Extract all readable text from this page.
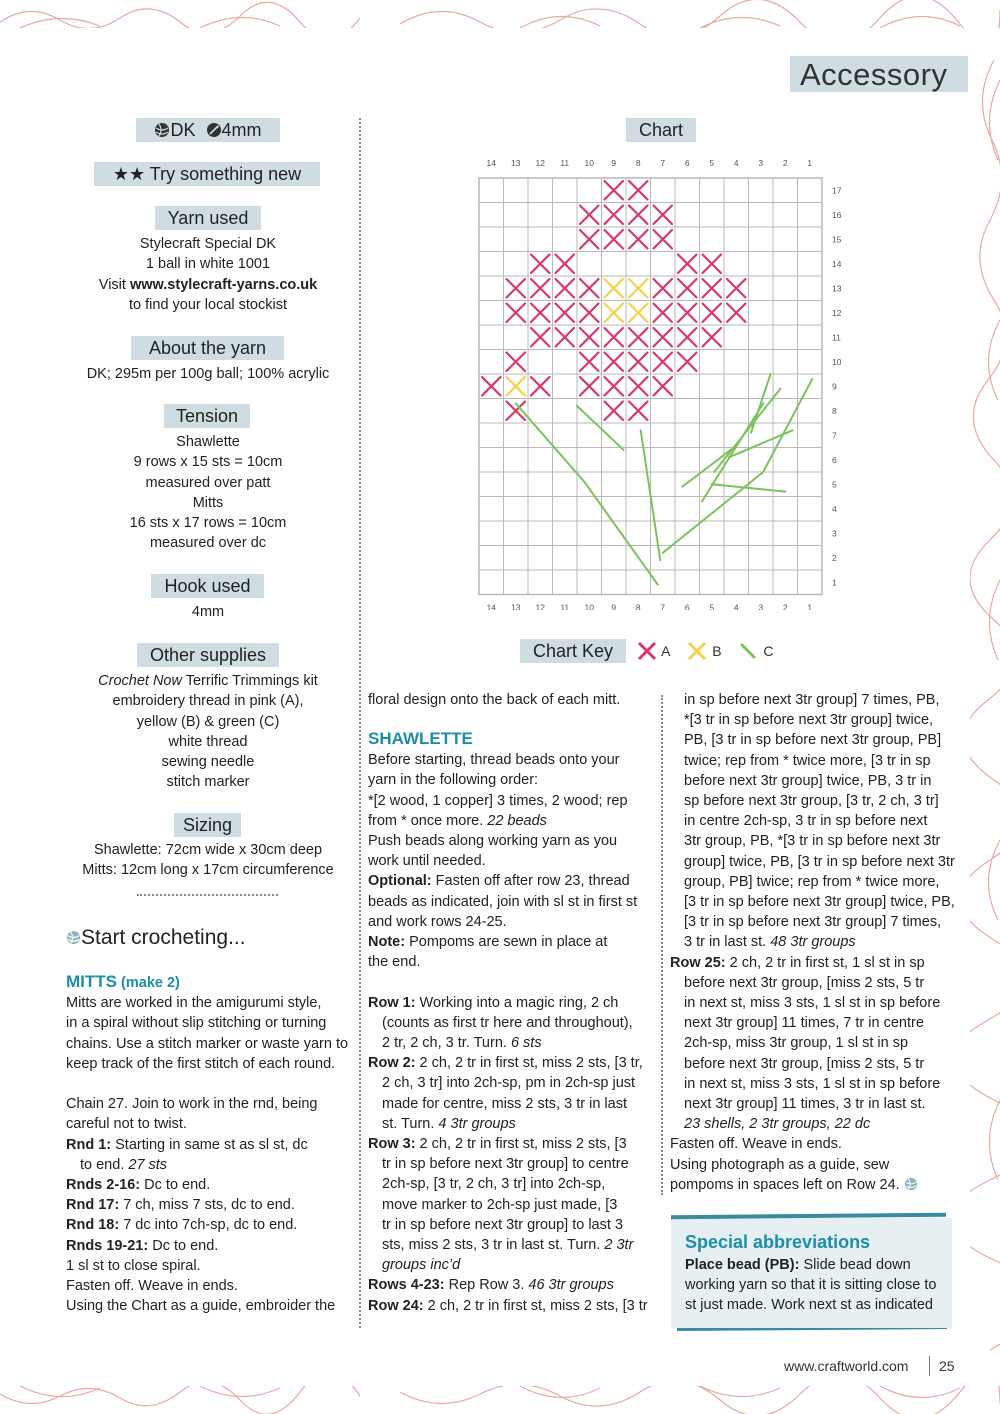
Accessory
DK 4mm
★★ Try something new
Yarn used
Stylecraft Special DK
1 ball in white 1001
Visit www.stylecraft-yarns.co.uk
to find your local stockist
About the yarn
DK; 295m per 100g ball; 100% acrylic
Tension
Shawlette
9 rows x 15 sts = 10cm
measured over patt
Mitts
16 sts x 17 rows = 10cm
measured over dc
Hook used
4mm
Other supplies
Crochet Now Terrific Trimmings kit
embroidery thread in pink (A),
yellow (B) & green (C)
white thread
sewing needle
stitch marker
Sizing
Shawlette: 72cm wide x 30cm deep
Mitts: 12cm long x 17cm circumference
Start crocheting...
MITTS (make 2)
Mitts are worked in the amigurumi style,
in a spiral without slip stitching or turning
chains. Use a stitch marker or waste yarn to
keep track of the first stitch of each round.

Chain 27. Join to work in the rnd, being
careful not to twist.
Rnd 1: Starting in same st as sl st, dc
to end. 27 sts
Rnds 2-16: Dc to end.
Rnd 17: 7 ch, miss 7 sts, dc to end.
Rnd 18: 7 dc into 7ch-sp, dc to end.
Rnds 19-21: Dc to end.
1 sl st to close spiral.
Fasten off. Weave in ends.
Using the Chart as a guide, embroider the
Chart
14
14
13
13
12
12
11
11
10
10
9
9
8
8
7
7
6
6
5
5
4
4
3
3
2
2
1
1
17
16
15
14
13
12
11
10
9
8
7
6
5
4
3
2
1
Chart Key	A	B	C
floral design onto the back of each mitt.
SHAWLETTE
Before starting, thread beads onto your
yarn in the following order:
*[2 wood, 1 copper] 3 times, 2 wood; rep
from * once more. 22 beads
Push beads along working yarn as you
work until needed.
Optional: Fasten off after row 23, thread
beads as indicated, join with sl st in first st
and work rows 24-25.
Note: Pompoms are sewn in place at
the end.

Row 1: Working into a magic ring, 2 ch
(counts as first tr here and throughout),
2 tr, 2 ch, 3 tr. Turn. 6 sts
Row 2: 2 ch, 2 tr in first st, miss 2 sts, [3 tr,
2 ch, 3 tr] into 2ch-sp, pm in 2ch-sp just
made for centre, miss 2 sts, 3 tr in last
st. Turn. 4 3tr groups
Row 3: 2 ch, 2 tr in first st, miss 2 sts, [3
tr in sp before next 3tr group] to centre
2ch-sp, [3 tr, 2 ch, 3 tr] into 2ch-sp,
move marker to 2ch-sp just made, [3
tr in sp before next 3tr group] to last 3
sts, miss 2 sts, 3 tr in last st. Turn. 2 3tr
groups inc’d
Rows 4-23: Rep Row 3. 46 3tr groups
Row 24: 2 ch, 2 tr in first st, miss 2 sts, [3 tr
in sp before next 3tr group] 7 times, PB,
*[3 tr in sp before next 3tr group] twice,
PB, [3 tr in sp before next 3tr group, PB]
twice; rep from * twice more, [3 tr in sp
before next 3tr group] twice, PB, 3 tr in
sp before next 3tr group, [3 tr, 2 ch, 3 tr]
in centre 2ch-sp, 3 tr in sp before next
3tr group, PB, *[3 tr in sp before next 3tr
group] twice, PB, [3 tr in sp before next 3tr
group, PB] twice; rep from * twice more,
[3 tr in sp before next 3tr group] twice, PB,
[3 tr in sp before next 3tr group] 7 times,
3 tr in last st. 48 3tr groups
Row 25: 2 ch, 2 tr in first st, 1 sl st in sp
before next 3tr group, [miss 2 sts, 5 tr
in next st, miss 3 sts, 1 sl st in sp before
next 3tr group] 11 times, 7 tr in centre
2ch-sp, miss 3tr group, 1 sl st in sp
before next 3tr group, [miss 2 sts, 5 tr
in next st, miss 3 sts, 1 sl st in sp before
next 3tr group] 11 times, 3 tr in last st.
23 shells, 2 3tr groups, 22 dc
Fasten off. Weave in ends.
Using photograph as a guide, sew
pompoms in spaces left on Row 24.
Special abbreviations
Place bead (PB): Slide bead down
working yarn so that it is sitting close to
st just made. Work next st as indicated
www.craftworld.com 25
